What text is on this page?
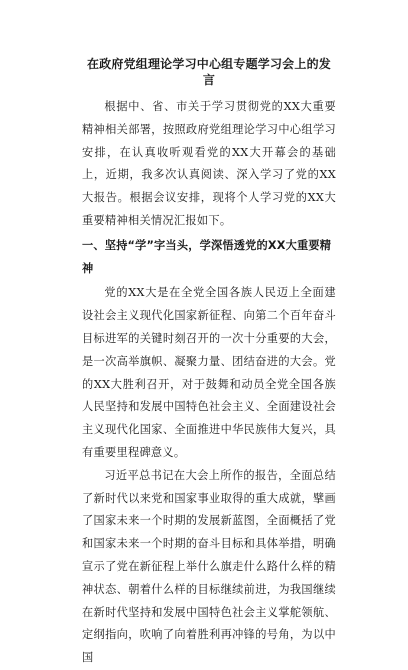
在政府党组理论学习中心组专题学习会上的发言

根据中、省、市关于学习贯彻党的XX大重要精神相关部署，按照政府党组理论学习中心组学习安排，在认真收听观看党的XX大开幕会的基础上，近期，我多次认真阅读、深入学习了党的XX大报告。根据会议安排，现将个人学习党的XX大重要精神相关情况汇报如下。

一、坚持“学”字当头，学深悟透党的XX大重要精神

党的XX大是在全党全国各族人民迈上全面建设社会主义现代化国家新征程、向第二个百年奋斗目标进军的关键时刻召开的一次十分重要的大会，是一次高举旗帜、凝聚力量、团结奋进的大会。党的XX大胜利召开，对于鼓舞和动员全党全国各族人民坚持和发展中国特色社会主义、全面建设社会主义现代化国家、全面推进中华民族伟大复兴，具有重要里程碑意义。

习近平总书记在大会上所作的报告，全面总结了新时代以来党和国家事业取得的重大成就，擘画了国家未来一个时期的发展新蓝图，全面概括了党和国家未来一个时期的奋斗目标和具体举措，明确宣示了党在新征程上举什么旗走什么路什么样的精神状态、朝着什么样的目标继续前进，为我国继续在新时代坚持和发展中国特色社会主义掌舵领航、定纲指向，吹响了向着胜利再冲锋的号角，为以中国
